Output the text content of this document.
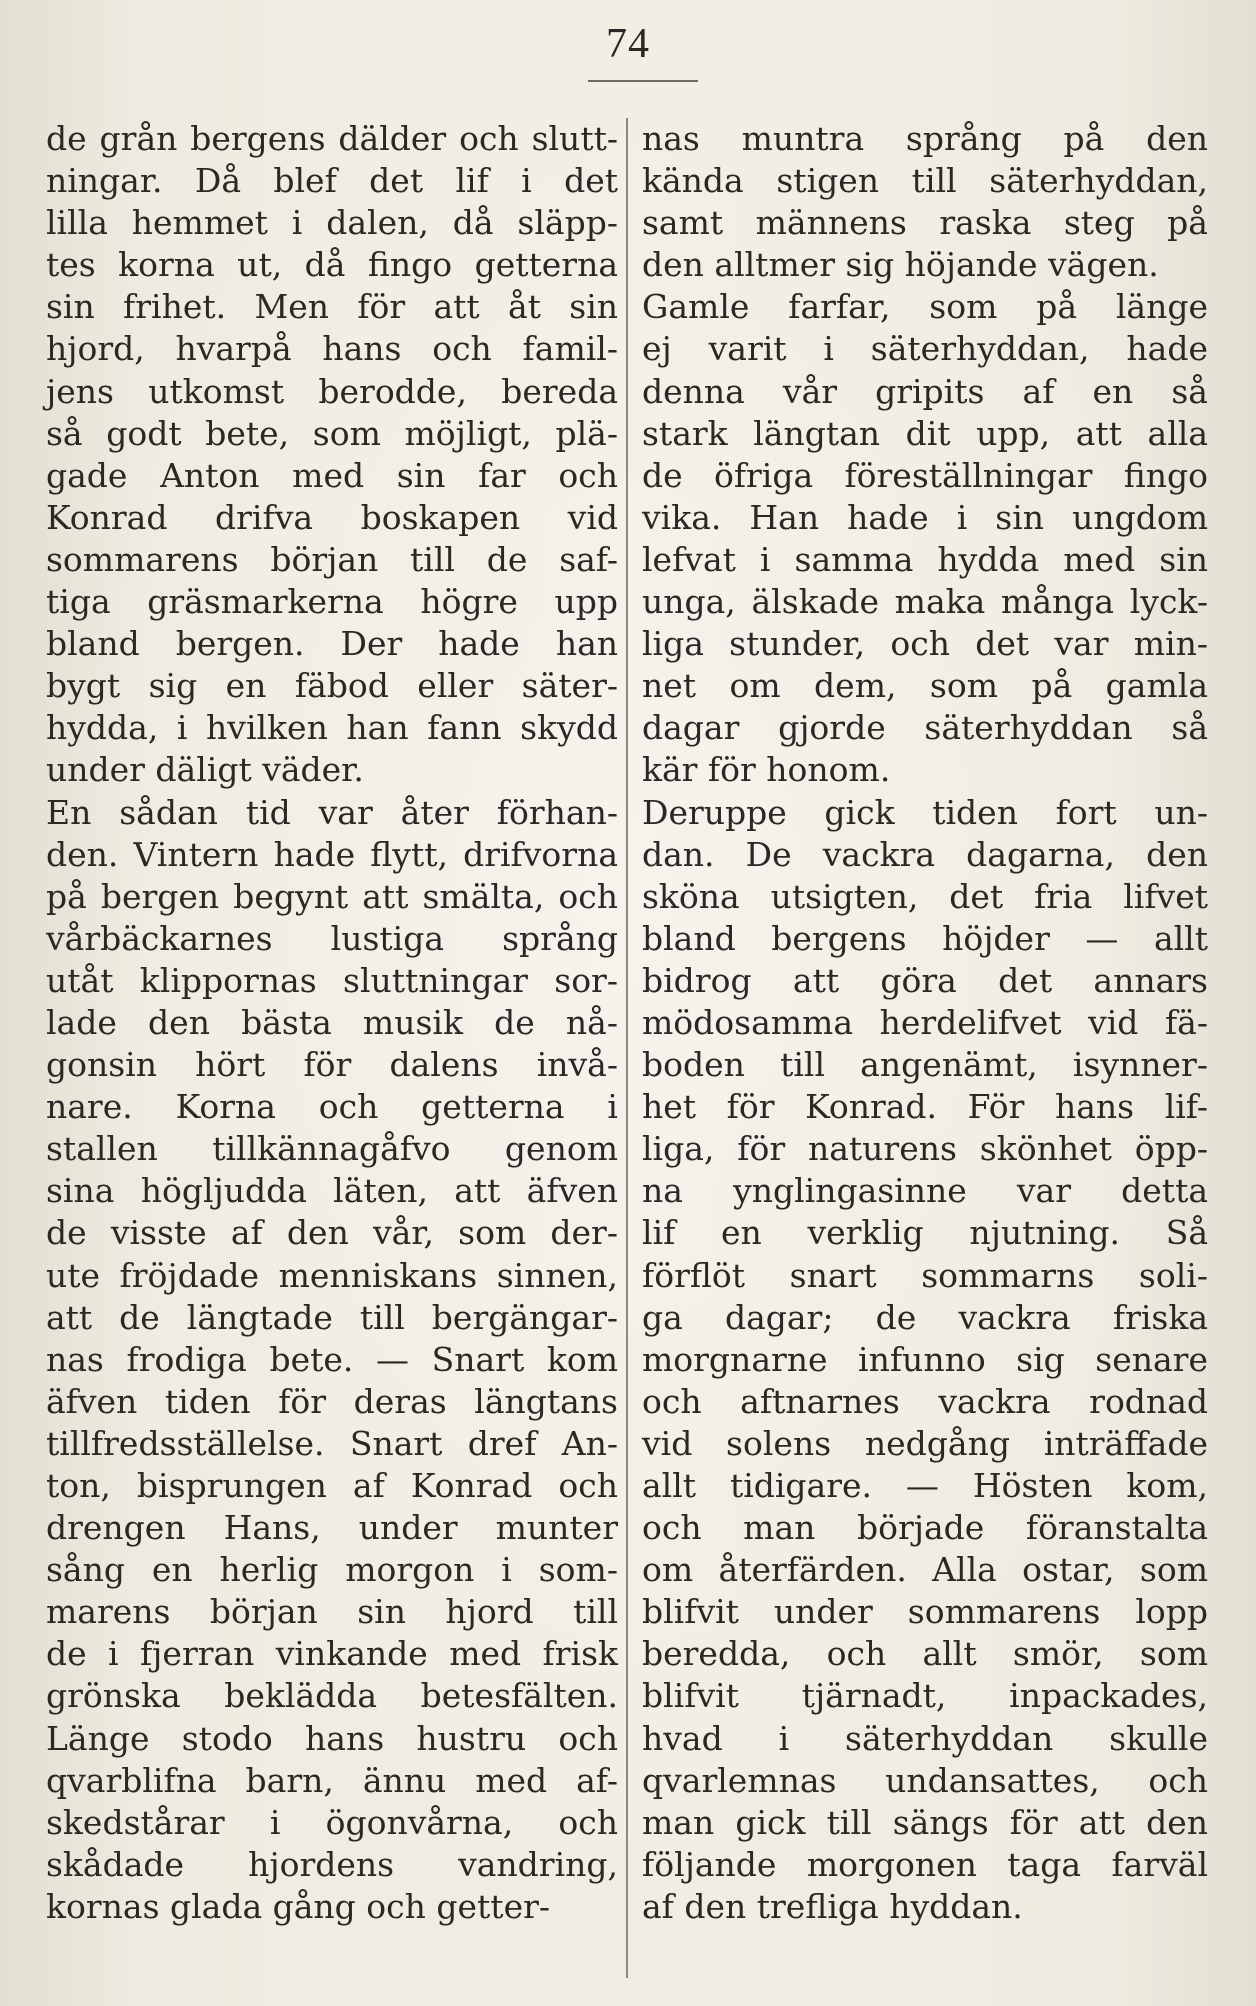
74
de grån bergens dälder och slutt-
ningar. Då blef det lif i det
lilla hemmet i dalen, då släpp-
tes korna ut, då fingo getterna
sin frihet. Men för att åt sin
hjord, hvarpå hans och famil-
jens utkomst berodde, bereda
så godt bete, som möjligt, plä-
gade Anton med sin far och
Konrad drifva boskapen vid
sommarens början till de saf-
tiga gräsmarkerna högre upp
bland bergen. Der hade han
bygt sig en fäbod eller säter-
hydda, i hvilken han fann skydd
under däligt väder.
En sådan tid var åter förhan-
den. Vintern hade flytt, drifvorna
på bergen begynt att smälta, och
vårbäckarnes lustiga språng
utåt klippornas sluttningar sor-
lade den bästa musik de nå-
gonsin hört för dalens invå-
nare. Korna och getterna i
stallen tillkännagåfvo genom
sina högljudda läten, att äfven
de visste af den vår, som der-
ute fröjdade menniskans sinnen,
att de längtade till bergängar-
nas frodiga bete. — Snart kom
äfven tiden för deras längtans
tillfredsställelse. Snart dref An-
ton, bisprungen af Konrad och
drengen Hans, under munter
sång en herlig morgon i som-
marens början sin hjord till
de i fjerran vinkande med frisk
grönska beklädda betesfälten.
Länge stodo hans hustru och
qvarblifna barn, ännu med af-
skedstårar i ögonvårna, och
skådade hjordens vandring,
kornas glada gång och getter-
nas muntra språng på den
kända stigen till säterhyddan,
samt männens raska steg på
den alltmer sig höjande vägen.
Gamle farfar, som på länge
ej varit i säterhyddan, hade
denna vår gripits af en så
stark längtan dit upp, att alla
de öfriga föreställningar fingo
vika. Han hade i sin ungdom
lefvat i samma hydda med sin
unga, älskade maka många lyck-
liga stunder, och det var min-
net om dem, som på gamla
dagar gjorde säterhyddan så
kär för honom.
Deruppe gick tiden fort un-
dan. De vackra dagarna, den
sköna utsigten, det fria lifvet
bland bergens höjder — allt
bidrog att göra det annars
mödosamma herdelifvet vid fä-
boden till angenämt, isynner-
het för Konrad. För hans lif-
liga, för naturens skönhet öpp-
na ynglingasinne var detta
lif en verklig njutning. Så
förflöt snart sommarns soli-
ga dagar; de vackra friska
morgnarne infunno sig senare
och aftnarnes vackra rodnad
vid solens nedgång inträffade
allt tidigare. — Hösten kom,
och man började föranstalta
om återfärden. Alla ostar, som
blifvit under sommarens lopp
beredda, och allt smör, som
blifvit tjärnadt, inpackades,
hvad i säterhyddan skulle
qvarlemnas undansattes, och
man gick till sängs för att den
följande morgonen taga farväl
af den trefliga hyddan.
